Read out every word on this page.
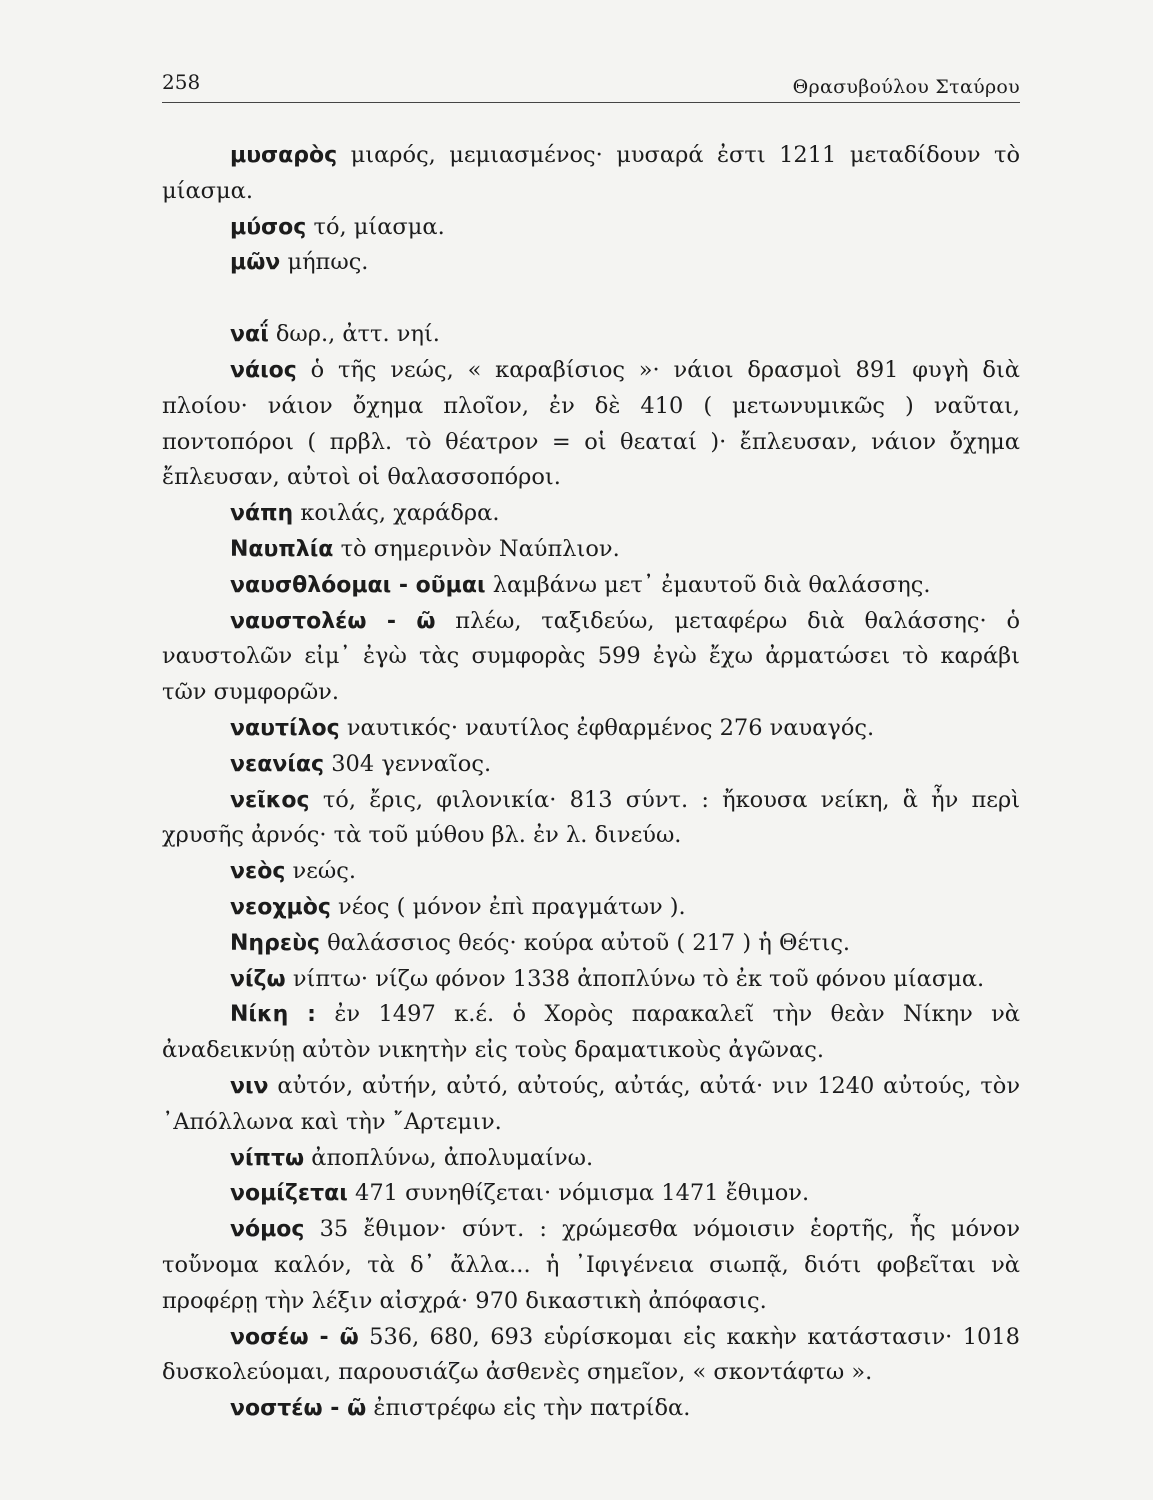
258	Θρασυβούλου Σταύρου

μυσαρὸς μιαρός, μεμιασμένος· μυσαρά ἐστι 1211 μεταδίδουν τὸ μίασμα.

μύσος τό, μίασμα.

μῶν μήπως.

ναΐ δωρ., ἀττ. νηί.

νάιος ὁ τῆς νεώς, « καραβίσιος »· νάιοι δρασμοὶ 891 φυγὴ διὰ πλοίου· νάιον ὄχημα πλοῖον, ἐν δὲ 410 ( μετωνυμικῶς ) ναῦται, ποντοπόροι ( πρβλ. τὸ θέατρον = οἱ θεαταί )· ἔπλευσαν, νάιον ὄχημα ἔπλευσαν, αὐτοὶ οἱ θαλασσοπόροι.

νάπη κοιλάς, χαράδρα.

Ναυπλία τὸ σημερινὸν Ναύπλιον.

ναυσθλόομαι - οῦμαι λαμβάνω μετ᾽ ἐμαυτοῦ διὰ θαλάσσης.

ναυστολέω - ῶ πλέω, ταξιδεύω, μεταφέρω διὰ θαλάσσης· ὁ ναυστολῶν εἰμ᾽ ἐγὼ τὰς συμφορὰς 599 ἐγὼ ἔχω ἀρματώσει τὸ καράβι τῶν συμφορῶν.

ναυτίλος ναυτικός· ναυτίλος ἐφθαρμένος 276 ναυαγός.

νεανίας 304 γενναῖος.

νεῖκος τό, ἔρις, φιλονικία· 813 σύντ. : ἤκουσα νείκη, ἃ ἦν περὶ χρυσῆς ἀρνός· τὰ τοῦ μύθου βλ. ἐν λ. δινεύω.

νεὸς νεώς.

νεοχμὸς νέος ( μόνον ἐπὶ πραγμάτων ).

Νηρεὺς θαλάσσιος θεός· κούρα αὐτοῦ ( 217 ) ἡ Θέτις.

νίζω νίπτω· νίζω φόνον 1338 ἀποπλύνω τὸ ἐκ τοῦ φόνου μίασμα.

Νίκη : ἐν 1497 κ.έ. ὁ Χορὸς παρακαλεῖ τὴν θεὰν Νίκην νὰ ἀναδεικνύῃ αὐτὸν νικητὴν εἰς τοὺς δραματικοὺς ἀγῶνας.

νιν αὐτόν, αὐτήν, αὐτό, αὐτούς, αὐτάς, αὐτά· νιν 1240 αὐτούς, τὸν ᾽Απόλλωνα καὶ τὴν ῎Αρτεμιν.

νίπτω ἀποπλύνω, ἀπολυμαίνω.

νομίζεται 471 συνηθίζεται· νόμισμα 1471 ἔθιμον.

νόμος 35 ἔθιμον· σύντ. : χρώμεσθα νόμοισιν ἑορτῆς, ἧς μόνον τοὔνομα καλόν, τὰ δ᾽ ἄλλα... ἡ ᾽Ιφιγένεια σιωπᾷ, διότι φοβεῖται νὰ προφέρῃ τὴν λέξιν αἰσχρά· 970 δικαστικὴ ἀπόφασις.

νοσέω - ῶ 536, 680, 693 εὑρίσκομαι εἰς κακὴν κατάστασιν· 1018 δυσκολεύομαι, παρουσιάζω ἀσθενὲς σημεῖον, « σκοντάφτω ».

νοστέω - ῶ ἐπιστρέφω εἰς τὴν πατρίδα.
